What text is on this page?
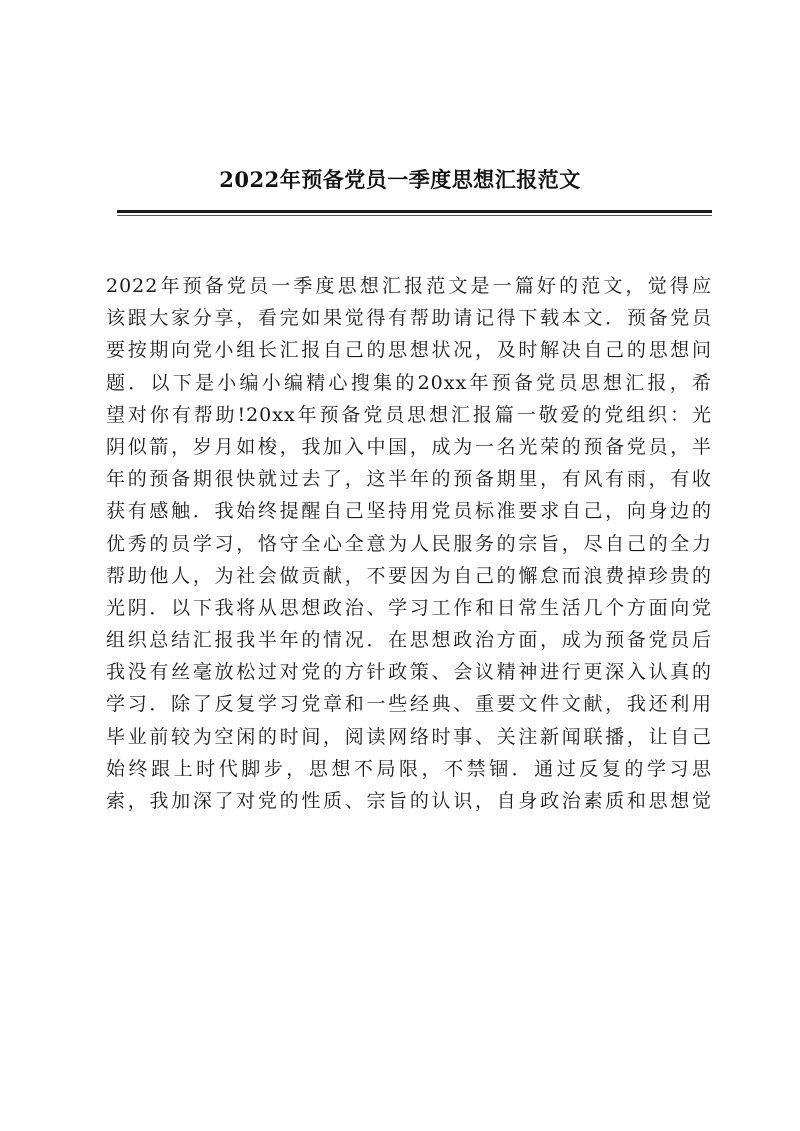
2022年预备党员一季度思想汇报范文
2022年预备党员一季度思想汇报范文是一篇好的范文，觉得应
该跟大家分享，看完如果觉得有帮助请记得下载本文．预备党员
要按期向党小组长汇报自己的思想状况，及时解决自己的思想问
题．以下是小编小编精心搜集的20xx年预备党员思想汇报，希
望对你有帮助!20xx年预备党员思想汇报篇一敬爱的党组织：光
阴似箭，岁月如梭，我加入中国，成为一名光荣的预备党员，半
年的预备期很快就过去了，这半年的预备期里，有风有雨，有收
获有感触．我始终提醒自己坚持用党员标准要求自己，向身边的
优秀的员学习，恪守全心全意为人民服务的宗旨，尽自己的全力
帮助他人，为社会做贡献，不要因为自己的懈怠而浪费掉珍贵的
光阴．以下我将从思想政治、学习工作和日常生活几个方面向党
组织总结汇报我半年的情况．在思想政治方面，成为预备党员后
我没有丝毫放松过对党的方针政策、会议精神进行更深入认真的
学习．除了反复学习党章和一些经典、重要文件文献，我还利用
毕业前较为空闲的时间，阅读网络时事、关注新闻联播，让自己
始终跟上时代脚步，思想不局限，不禁锢．通过反复的学习思
索，我加深了对党的性质、宗旨的认识，自身政治素质和思想觉
